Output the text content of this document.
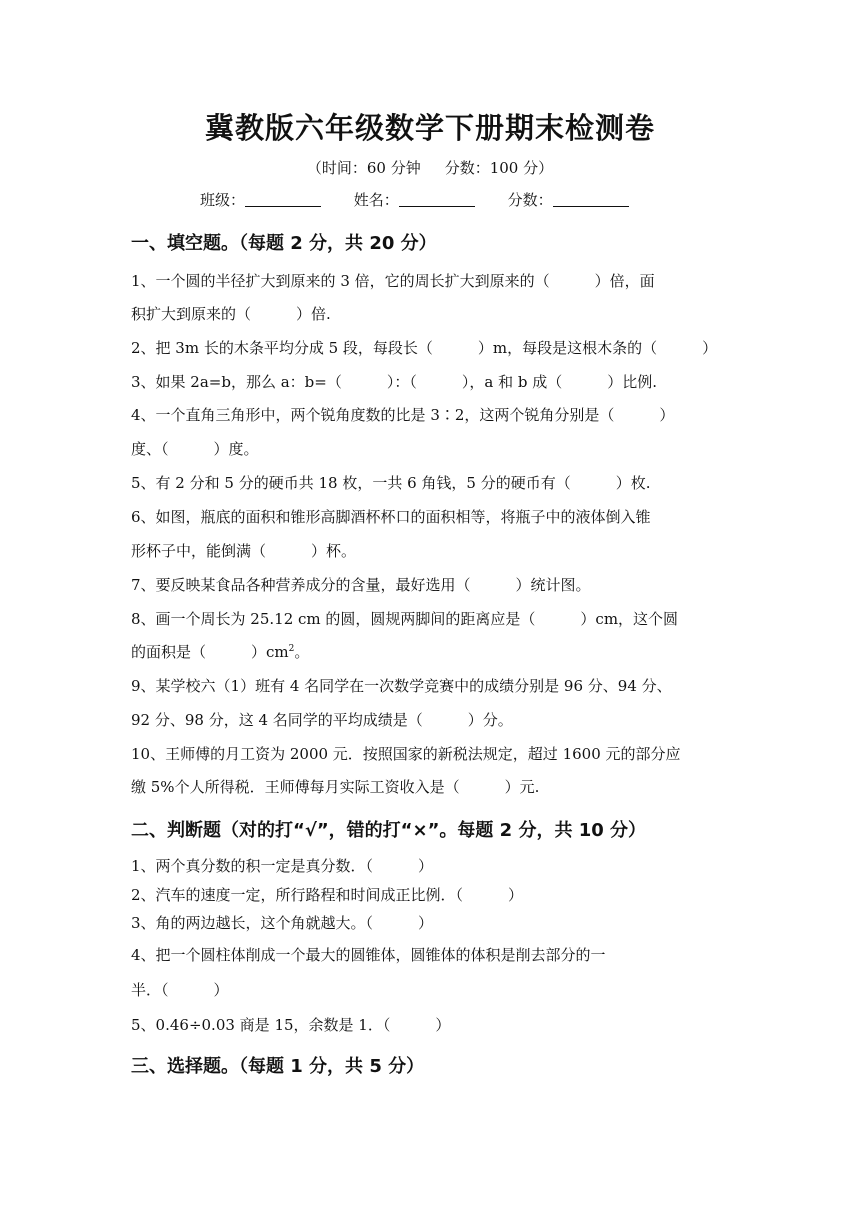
冀教版六年级数学下册期末检测卷
（时间：60 分钟 分数：100 分）
班级：	姓名：	分数：
一、填空题。（每题 2 分，共 20 分）
1、一个圆的半径扩大到原来的 3 倍，它的周长扩大到原来的（　　　）倍，面
积扩大到原来的（　　　）倍.
2、把 3m 长的木条平均分成 5 段，每段长（　　　）m，每段是这根木条的（　　　）
3、如果 2a=b，那么 a：b=（　　　）：（　　　），a 和 b 成（　　　）比例.
4、一个直角三角形中，两个锐角度数的比是 3∶2，这两个锐角分别是（　　　）
度、（　　　）度。
5、有 2 分和 5 分的硬币共 18 枚，一共 6 角钱，5 分的硬币有（　　　）枚.
6、如图，瓶底的面积和锥形高脚酒杯杯口的面积相等，将瓶子中的液体倒入锥
形杯子中，能倒满（　　　）杯。
7、要反映某食品各种营养成分的含量，最好选用（　　　）统计图。
8、画一个周长为 25.12 cm 的圆，圆规两脚间的距离应是（　　　）cm，这个圆
的面积是（　　　）$cm^2$。
9、某学校六（1）班有 4 名同学在一次数学竞赛中的成绩分别是 96 分、94 分、
92 分、98 分，这 4 名同学的平均成绩是（　　　）分。
10、王师傅的月工资为 2000 元．按照国家的新税法规定，超过 1600 元的部分应
缴 5%个人所得税．王师傅每月实际工资收入是（　　　）元.
二、判断题（对的打“√”，错的打“×”。每题 2 分，共 10 分）
1、两个真分数的积一定是真分数．（　　　）
2、汽车的速度一定，所行路程和时间成正比例．（　　　）
3、角的两边越长，这个角就越大。（　　　）
4、把一个圆柱体削成一个最大的圆锥体，圆锥体的体积是削去部分的一
半．（　　　）
5、0.46÷0.03 商是 15，余数是 1．（　　　）
三、选择题。（每题 1 分，共 5 分）
